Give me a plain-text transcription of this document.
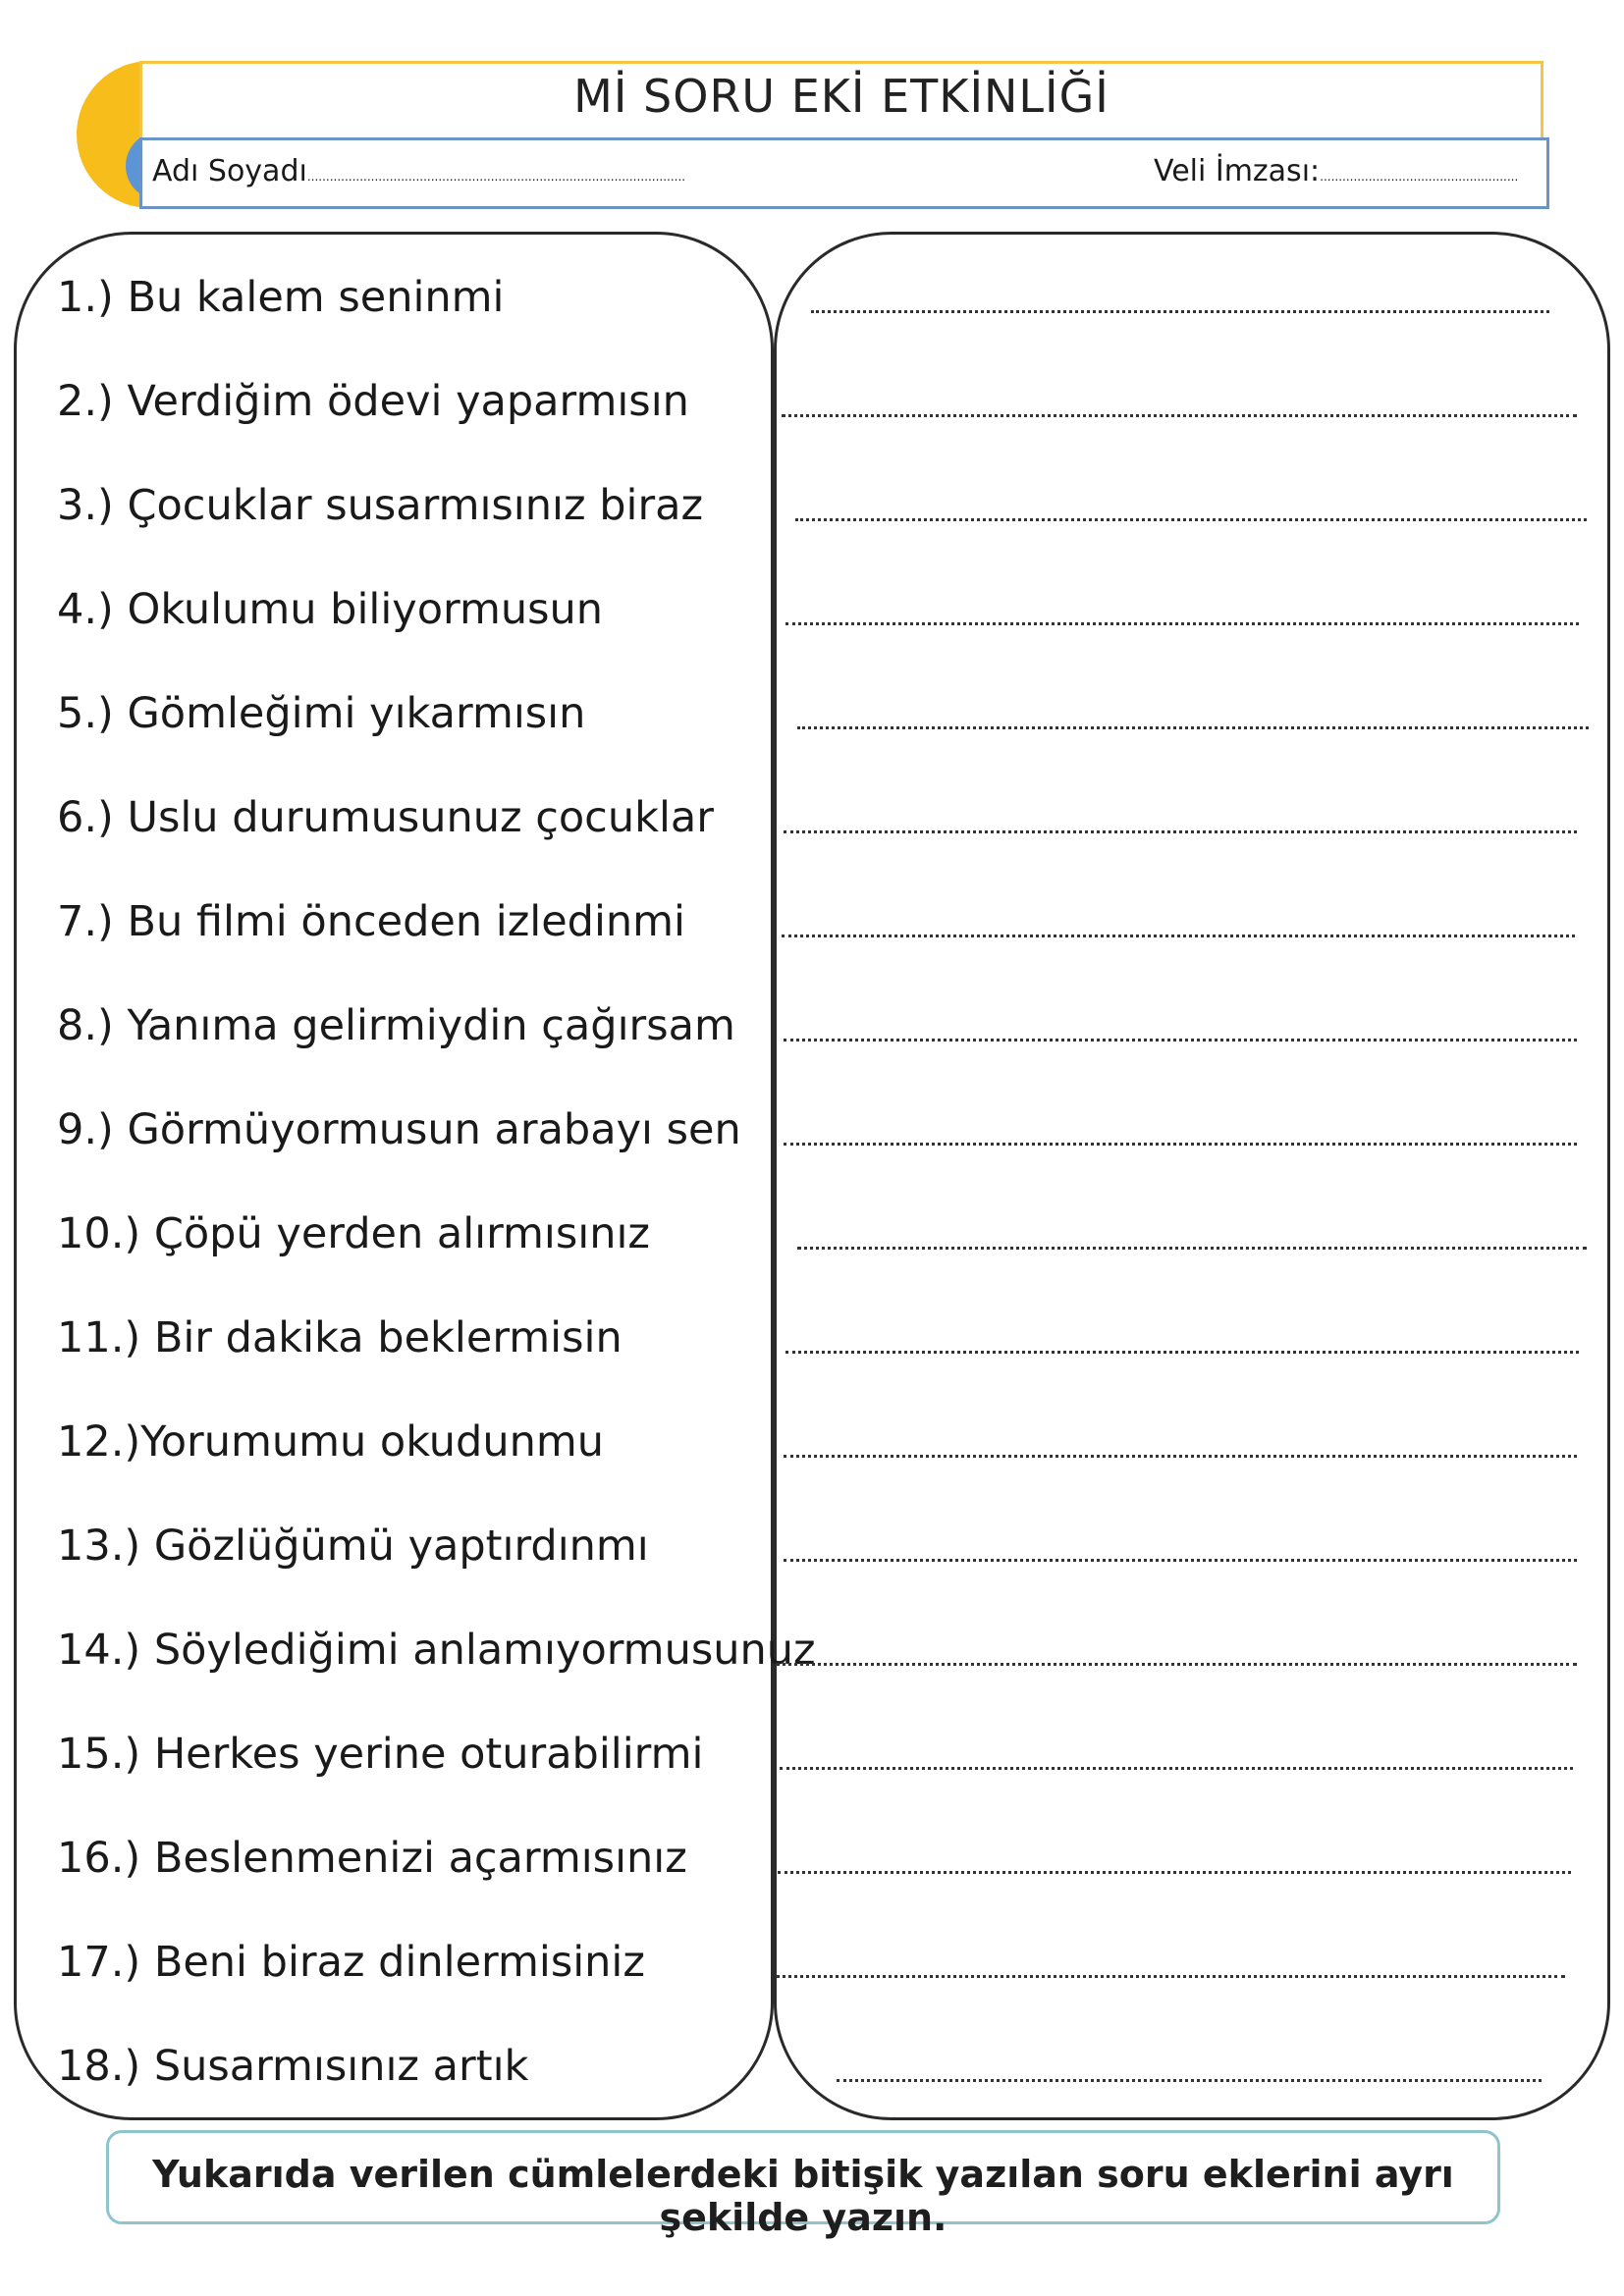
Mİ SORU EKİ ETKİNLİĞİ
Adı Soyadı.....................................................................................................	Veli İmzası:.....................................................
1.) Bu kalem seninmi
2.) Verdiğim ödevi yaparmısın
3.) Çocuklar susarmısınız biraz
4.) Okulumu biliyormusun
5.) Gömleğimi yıkarmısın
6.) Uslu durumusunuz çocuklar
7.) Bu filmi önceden izledinmi
8.) Yanıma gelirmiydin çağırsam
9.) Görmüyormusun arabayı sen
10.) Çöpü yerden alırmısınız
11.) Bir dakika beklermisin
12.)Yorumumu okudunmu
13.) Gözlüğümü yaptırdınmı
14.) Söylediğimi anlamıyormusunuz
15.) Herkes yerine oturabilirmi
16.) Beslenmenizi açarmısınız
17.) Beni biraz dinlermisiniz
18.) Susarmısınız artık
Yukarıda verilen cümlelerdeki bitişik yazılan soru eklerini ayrı şekilde yazın.
